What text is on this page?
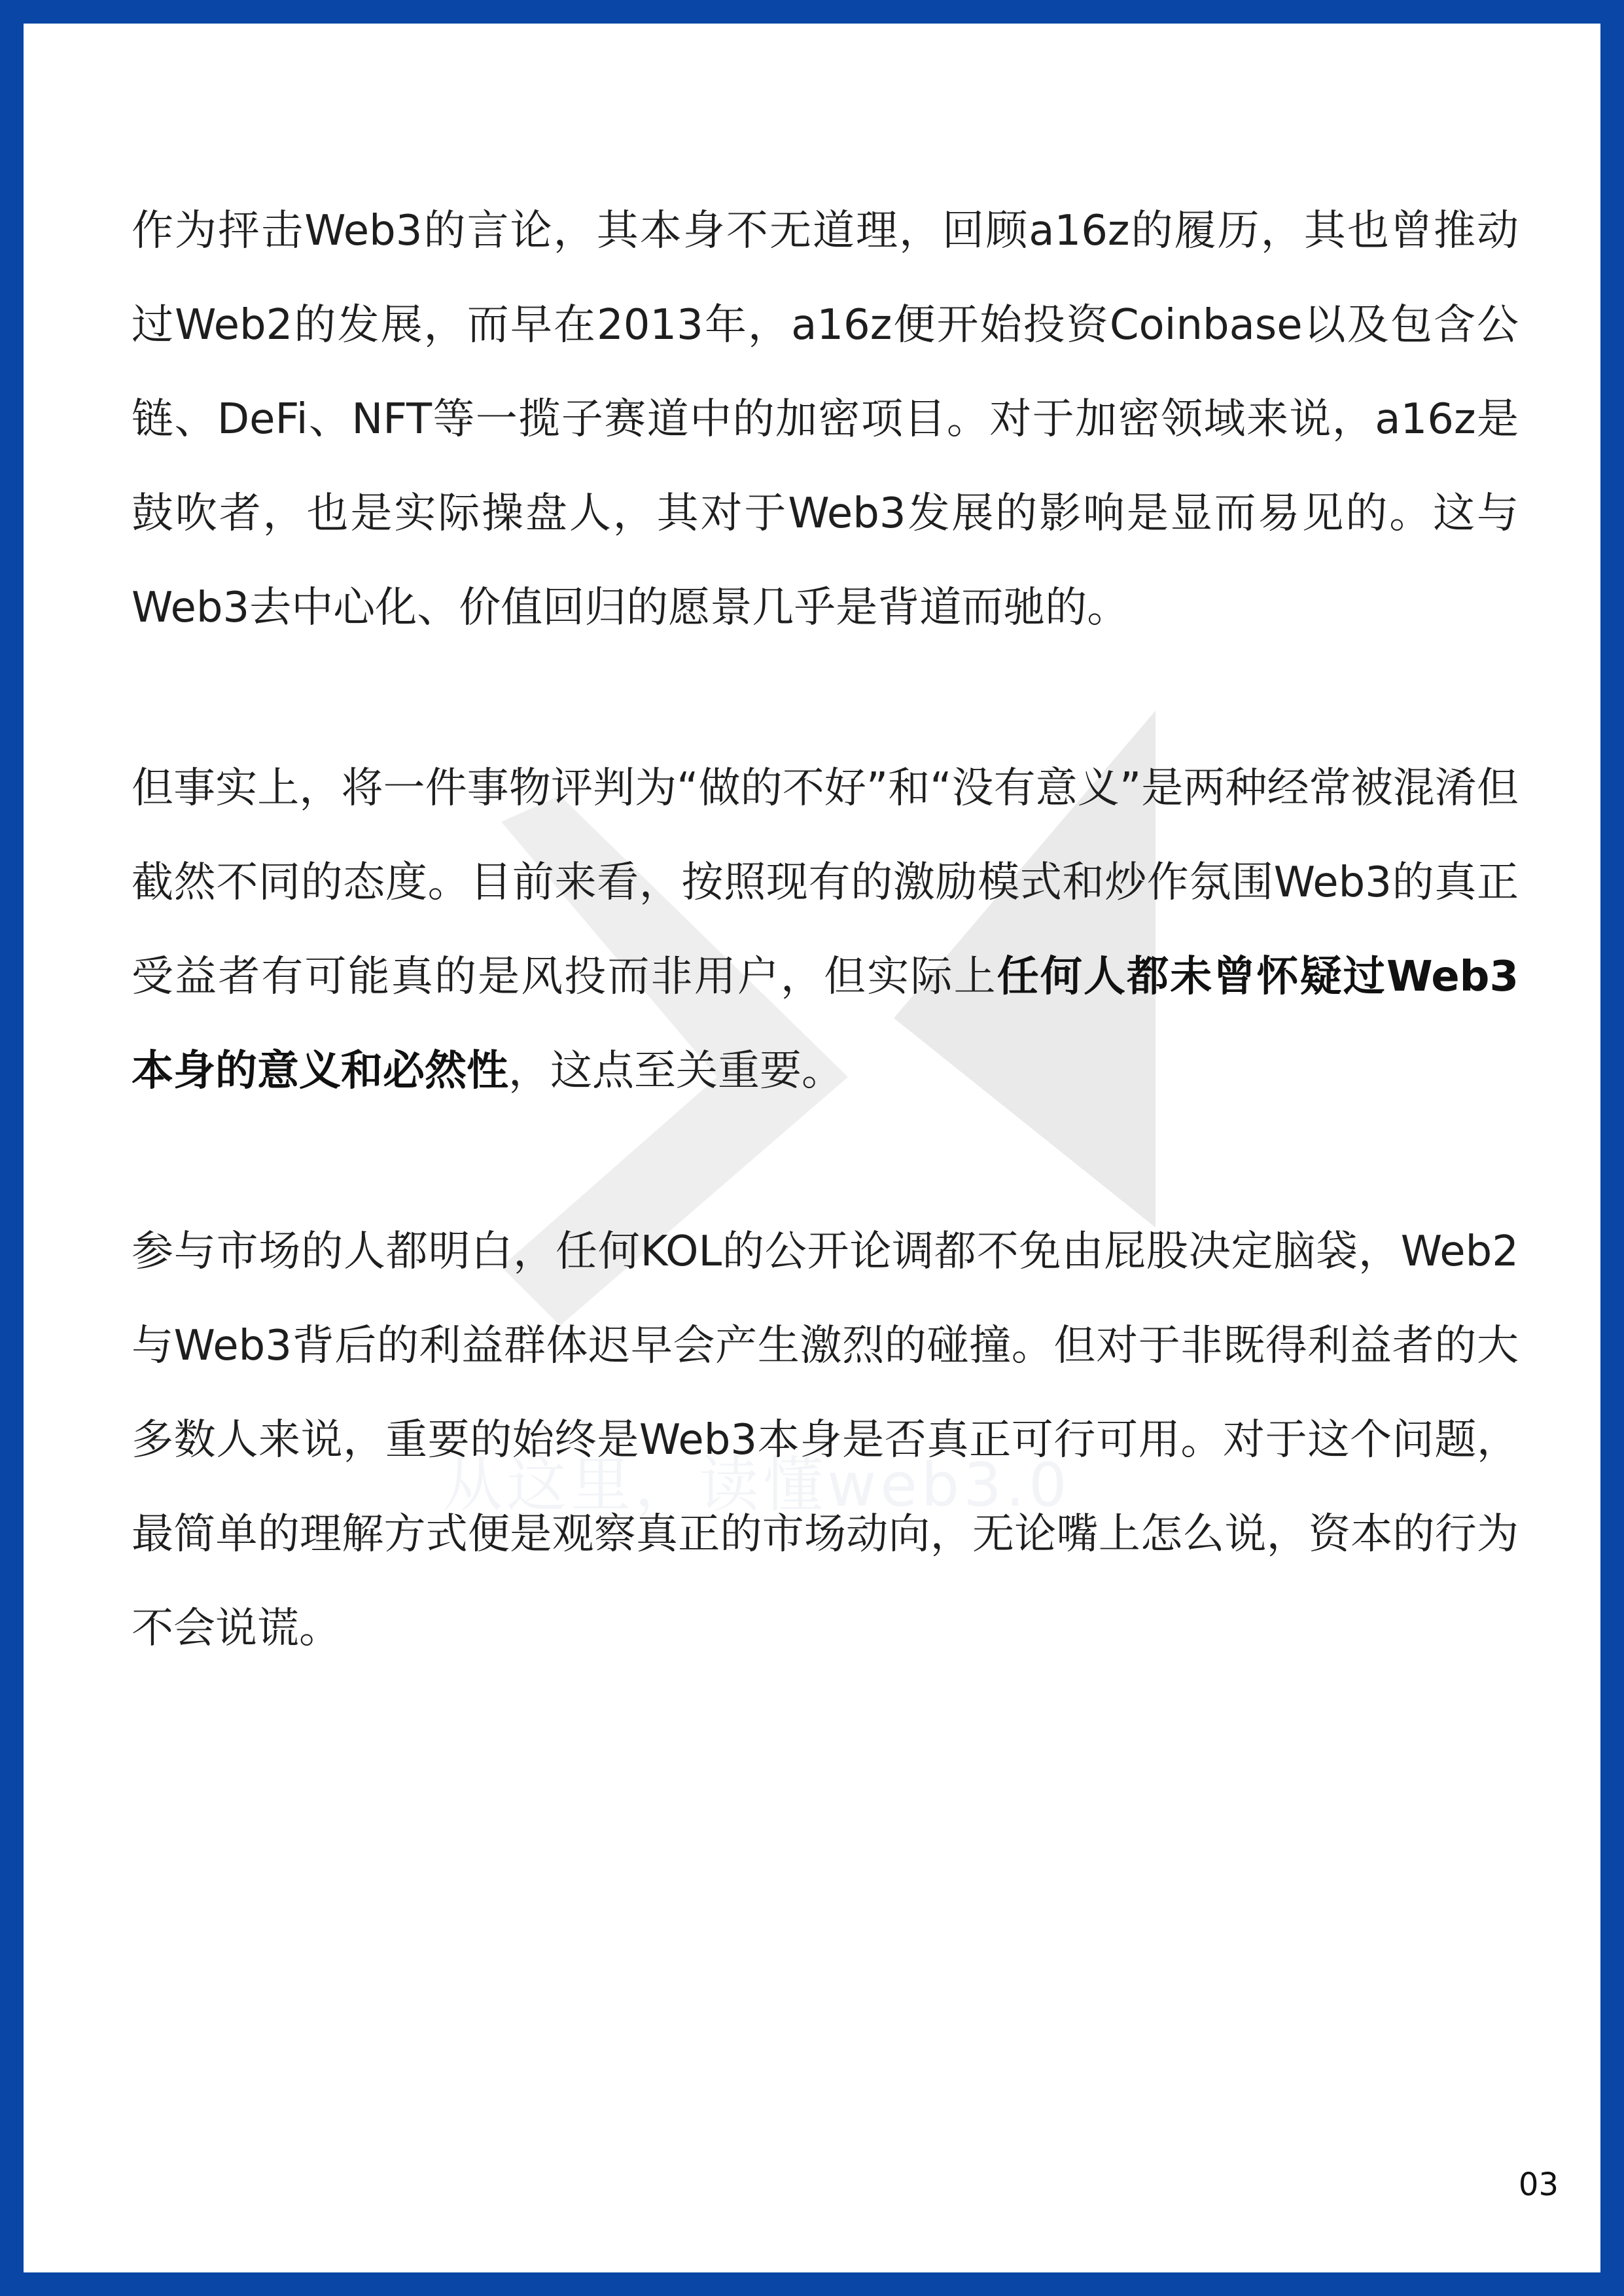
从这里，读懂web3.0

作为抨击Web3的言论，其本身不无道理，回顾a16z的履历，其也曾推动过Web2的发展，而早在2013年，a16z便开始投资Coinbase以及包含公链、DeFi、NFT等一揽子赛道中的加密项目。对于加密领域来说，a16z是鼓吹者，也是实际操盘人，其对于Web3发展的影响是显而易见的。这与Web3去中心化、价值回归的愿景几乎是背道而驰的。

但事实上，将一件事物评判为“做的不好”和“没有意义”是两种经常被混淆但截然不同的态度。目前来看，按照现有的激励模式和炒作氛围Web3的真正受益者有可能真的是风投而非用户，但实际上任何人都未曾怀疑过Web3本身的意义和必然性，这点至关重要。

参与市场的人都明白，任何KOL的公开论调都不免由屁股决定脑袋，Web2与Web3背后的利益群体迟早会产生激烈的碰撞。但对于非既得利益者的大多数人来说，重要的始终是Web3本身是否真正可行可用。对于这个问题，最简单的理解方式便是观察真正的市场动向，无论嘴上怎么说，资本的行为不会说谎。

03
